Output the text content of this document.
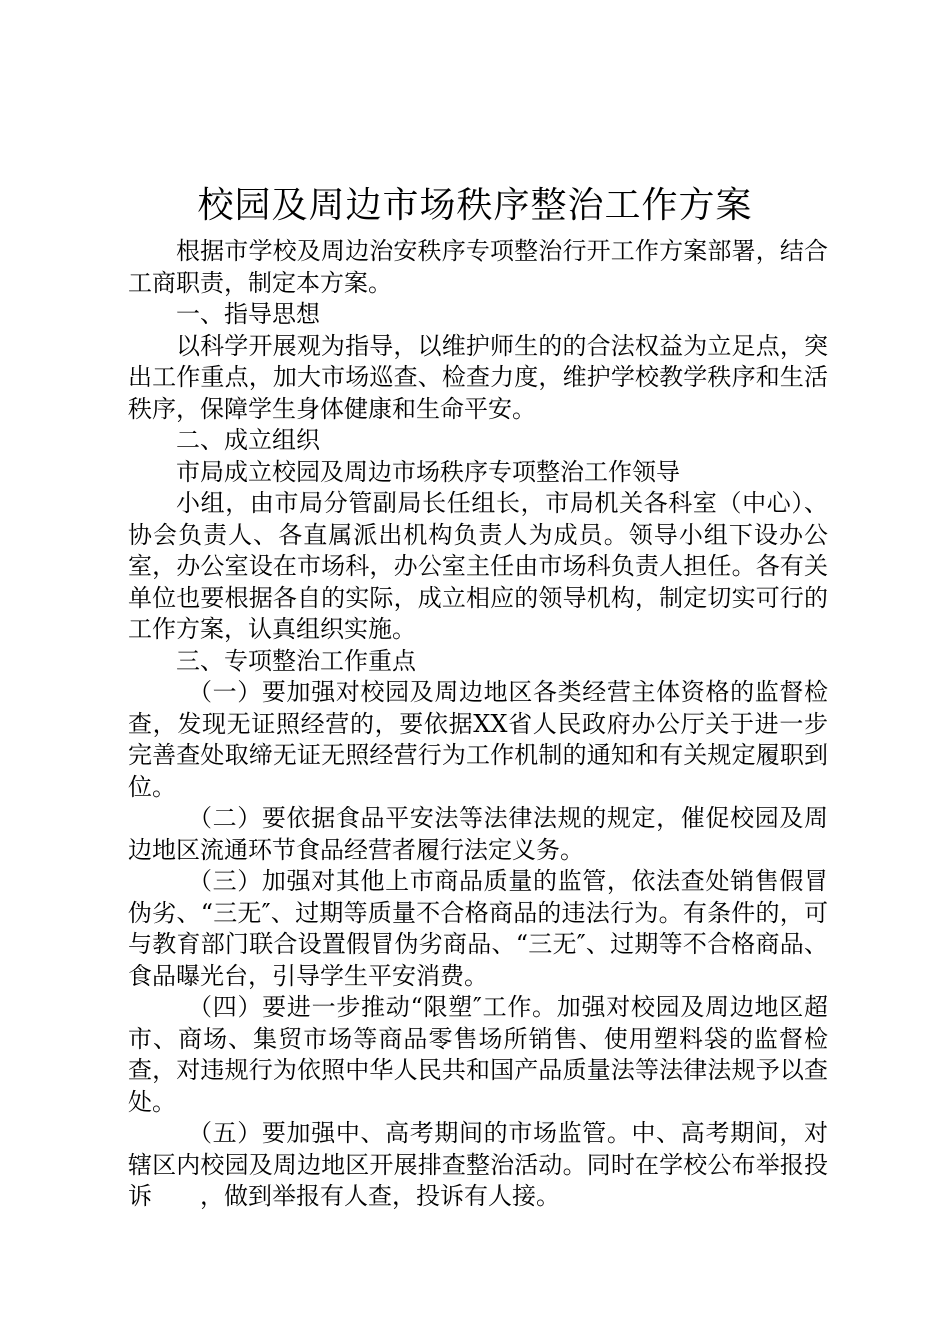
校园及周边市场秩序整治工作方案

根据市学校及周边治安秩序专项整治行开工作方案部署，结合工商职责，制定本方案。

一、指导思想

以科学开展观为指导，以维护师生的的合法权益为立足点，突出工作重点，加大市场巡查、检查力度，维护学校教学秩序和生活秩序，保障学生身体健康和生命平安。

二、成立组织

市局成立校园及周边市场秩序专项整治工作领导

小组，由市局分管副局长任组长，市局机关各科室（中心）、协会负责人、各直属派出机构负责人为成员。领导小组下设办公室，办公室设在市场科，办公室主任由市场科负责人担任。各有关单位也要根据各自的实际，成立相应的领导机构，制定切实可行的工作方案，认真组织实施。

三、专项整治工作重点

（一）要加强对校园及周边地区各类经营主体资格的监督检查，发现无证照经营的，要依据XX省人民政府办公厅关于进一步完善查处取缔无证无照经营行为工作机制的通知和有关规定履职到位。

（二）要依据食品平安法等法律法规的规定，催促校园及周边地区流通环节食品经营者履行法定义务。

（三）加强对其他上市商品质量的监管，依法查处销售假冒伪劣、“三无″、过期等质量不合格商品的违法行为。有条件的，可与教育部门联合设置假冒伪劣商品、“三无″、过期等不合格商品、食品曝光台，引导学生平安消费。

（四）要进一步推动“限塑″工作。加强对校园及周边地区超市、商场、集贸市场等商品零售场所销售、使用塑料袋的监督检查，对违规行为依照中华人民共和国产品质量法等法律法规予以查处。

（五）要加强中、高考期间的市场监管。中、高考期间，对辖区内校园及周边地区开展排查整治活动。同时在学校公布举报投诉　　，做到举报有人查，投诉有人接。
